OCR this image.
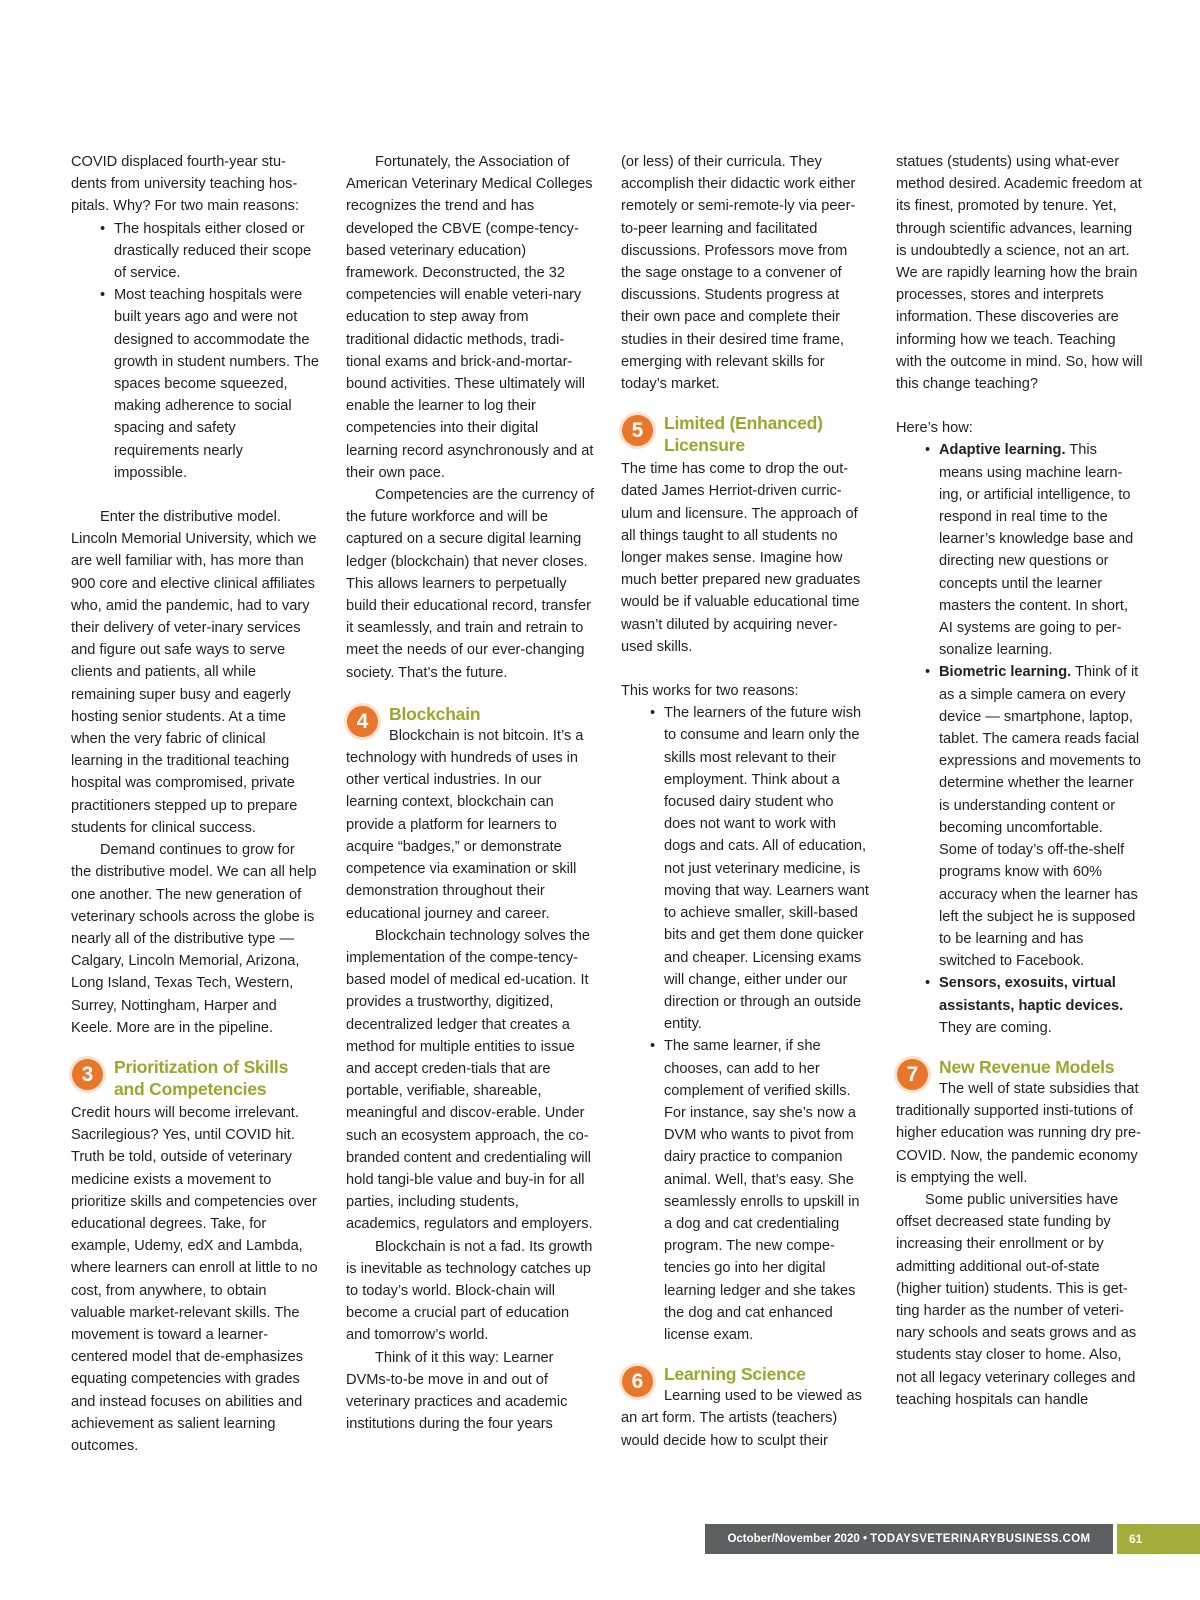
COVID displaced fourth-year stu-dents from university teaching hos-pitals. Why? For two main reasons:

• The hospitals either closed or drastically reduced their scope of service.
• Most teaching hospitals were built years ago and were not designed to accommodate the growth in student numbers. The spaces become squeezed, making adherence to social spacing and safety requirements nearly impossible.

Enter the distributive model. Lincoln Memorial University, which we are well familiar with, has more than 900 core and elective clinical affiliates who, amid the pandemic, had to vary their delivery of veter-inary services and figure out safe ways to serve clients and patients, all while remaining super busy and eagerly hosting senior students. At a time when the very fabric of clinical learning in the traditional teaching hospital was compromised, private practitioners stepped up to prepare students for clinical success.

Demand continues to grow for the distributive model. We can all help one another. The new generation of veterinary schools across the globe is nearly all of the distributive type — Calgary, Lincoln Memorial, Arizona, Long Island, Texas Tech, Western, Surrey, Nottingham, Harper and Keele. More are in the pipeline.

3	Prioritization of Skills and Competencies

Credit hours will become irrelevant. Sacrilegious? Yes, until COVID hit. Truth be told, outside of veterinary medicine exists a movement to prioritize skills and competencies over educational degrees. Take, for example, Udemy, edX and Lambda, where learners can enroll at little to no cost, from anywhere, to obtain valuable market-relevant skills. The movement is toward a learner-centered model that de-emphasizes equating competencies with grades and instead focuses on abilities and achievement as salient learning outcomes.

Fortunately, the Association of American Veterinary Medical Colleges recognizes the trend and has developed the CBVE (compe-tency-based veterinary education) framework. Deconstructed, the 32 competencies will enable veteri-nary education to step away from traditional didactic methods, tradi-tional exams and brick-and-mortar-bound activities. These ultimately will enable the learner to log their competencies into their digital learning record asynchronously and at their own pace.

Competencies are the currency of the future workforce and will be captured on a secure digital learning ledger (blockchain) that never closes. This allows learners to perpetually build their educational record, transfer it seamlessly, and train and retrain to meet the needs of our ever-changing society. That’s the future.

4	Blockchain

Blockchain is not bitcoin. It’s a technology with hundreds of uses in other vertical industries. In our learning context, blockchain can provide a platform for learners to acquire “badges,” or demonstrate competence via examination or skill demonstration throughout their educational journey and career.

Blockchain technology solves the implementation of the compe-tency-based model of medical ed-ucation. It provides a trustworthy, digitized, decentralized ledger that creates a method for multiple entities to issue and accept creden-tials that are portable, verifiable, shareable, meaningful and discov-erable. Under such an ecosystem approach, the co-branded content and credentialing will hold tangi-ble value and buy-in for all parties, including students, academics, regulators and employers.

Blockchain is not a fad. Its growth is inevitable as technology catches up to today’s world. Block-chain will become a crucial part of education and tomorrow’s world.

Think of it this way: Learner DVMs-to-be move in and out of veterinary practices and academic institutions during the four years

(or less) of their curricula. They accomplish their didactic work either remotely or semi-remote-ly via peer-to-peer learning and facilitated discussions. Professors move from the sage onstage to a convener of discussions. Students progress at their own pace and complete their studies in their desired time frame, emerging with relevant skills for today’s market.

5	Limited (Enhanced) Licensure

The time has come to drop the out-dated James Herriot-driven curric-ulum and licensure. The approach of all things taught to all students no longer makes sense. Imagine how much better prepared new graduates would be if valuable educational time wasn’t diluted by acquiring never-used skills.

This works for two reasons:

• The learners of the future wish to consume and learn only the skills most relevant to their employment. Think about a focused dairy student who does not want to work with dogs and cats. All of education, not just veterinary medicine, is moving that way. Learners want to achieve smaller, skill-based bits and get them done quicker and cheaper. Licensing exams will change, either under our direction or through an outside entity.
• The same learner, if she chooses, can add to her complement of verified skills. For instance, say she’s now a DVM who wants to pivot from dairy practice to companion animal. Well, that’s easy. She seamlessly enrolls to upskill in a dog and cat credentialing program. The new compe-tencies go into her digital learning ledger and she takes the dog and cat enhanced license exam.
6	Learning Science

Learning used to be viewed as an art form. The artists (teachers) would decide how to sculpt their

statues (students) using what-ever method desired. Academic freedom at its finest, promoted by tenure. Yet, through scientific advances, learning is undoubtedly a science, not an art. We are rapidly learning how the brain processes, stores and interprets information. These discoveries are informing how we teach. Teaching with the outcome in mind. So, how will this change teaching?

Here’s how:

• Adaptive learning. This means using machine learn-ing, or artificial intelligence, to respond in real time to the learner’s knowledge base and directing new questions or concepts until the learner masters the content. In short, AI systems are going to per-sonalize learning.
• Biometric learning. Think of it as a simple camera on every device — smartphone, laptop, tablet. The camera reads facial expressions and movements to determine whether the learner is understanding content or becoming uncomfortable. Some of today’s off-the-shelf programs know with 60% accuracy when the learner has left the subject he is supposed to be learning and has switched to Facebook.
• Sensors, exosuits, virtual assistants, haptic devices. They are coming.
7	New Revenue Models

The well of state subsidies that traditionally supported insti-tutions of higher education was running dry pre-COVID. Now, the pandemic economy is emptying the well.

Some public universities have offset decreased state funding by increasing their enrollment or by admitting additional out-of-state (higher tuition) students. This is get-ting harder as the number of veteri-nary schools and seats grows and as students stay closer to home. Also, not all legacy veterinary colleges and teaching hospitals can handle

October/November 2020 • TODAYSVETERINARYBUSINESS.COM	61
